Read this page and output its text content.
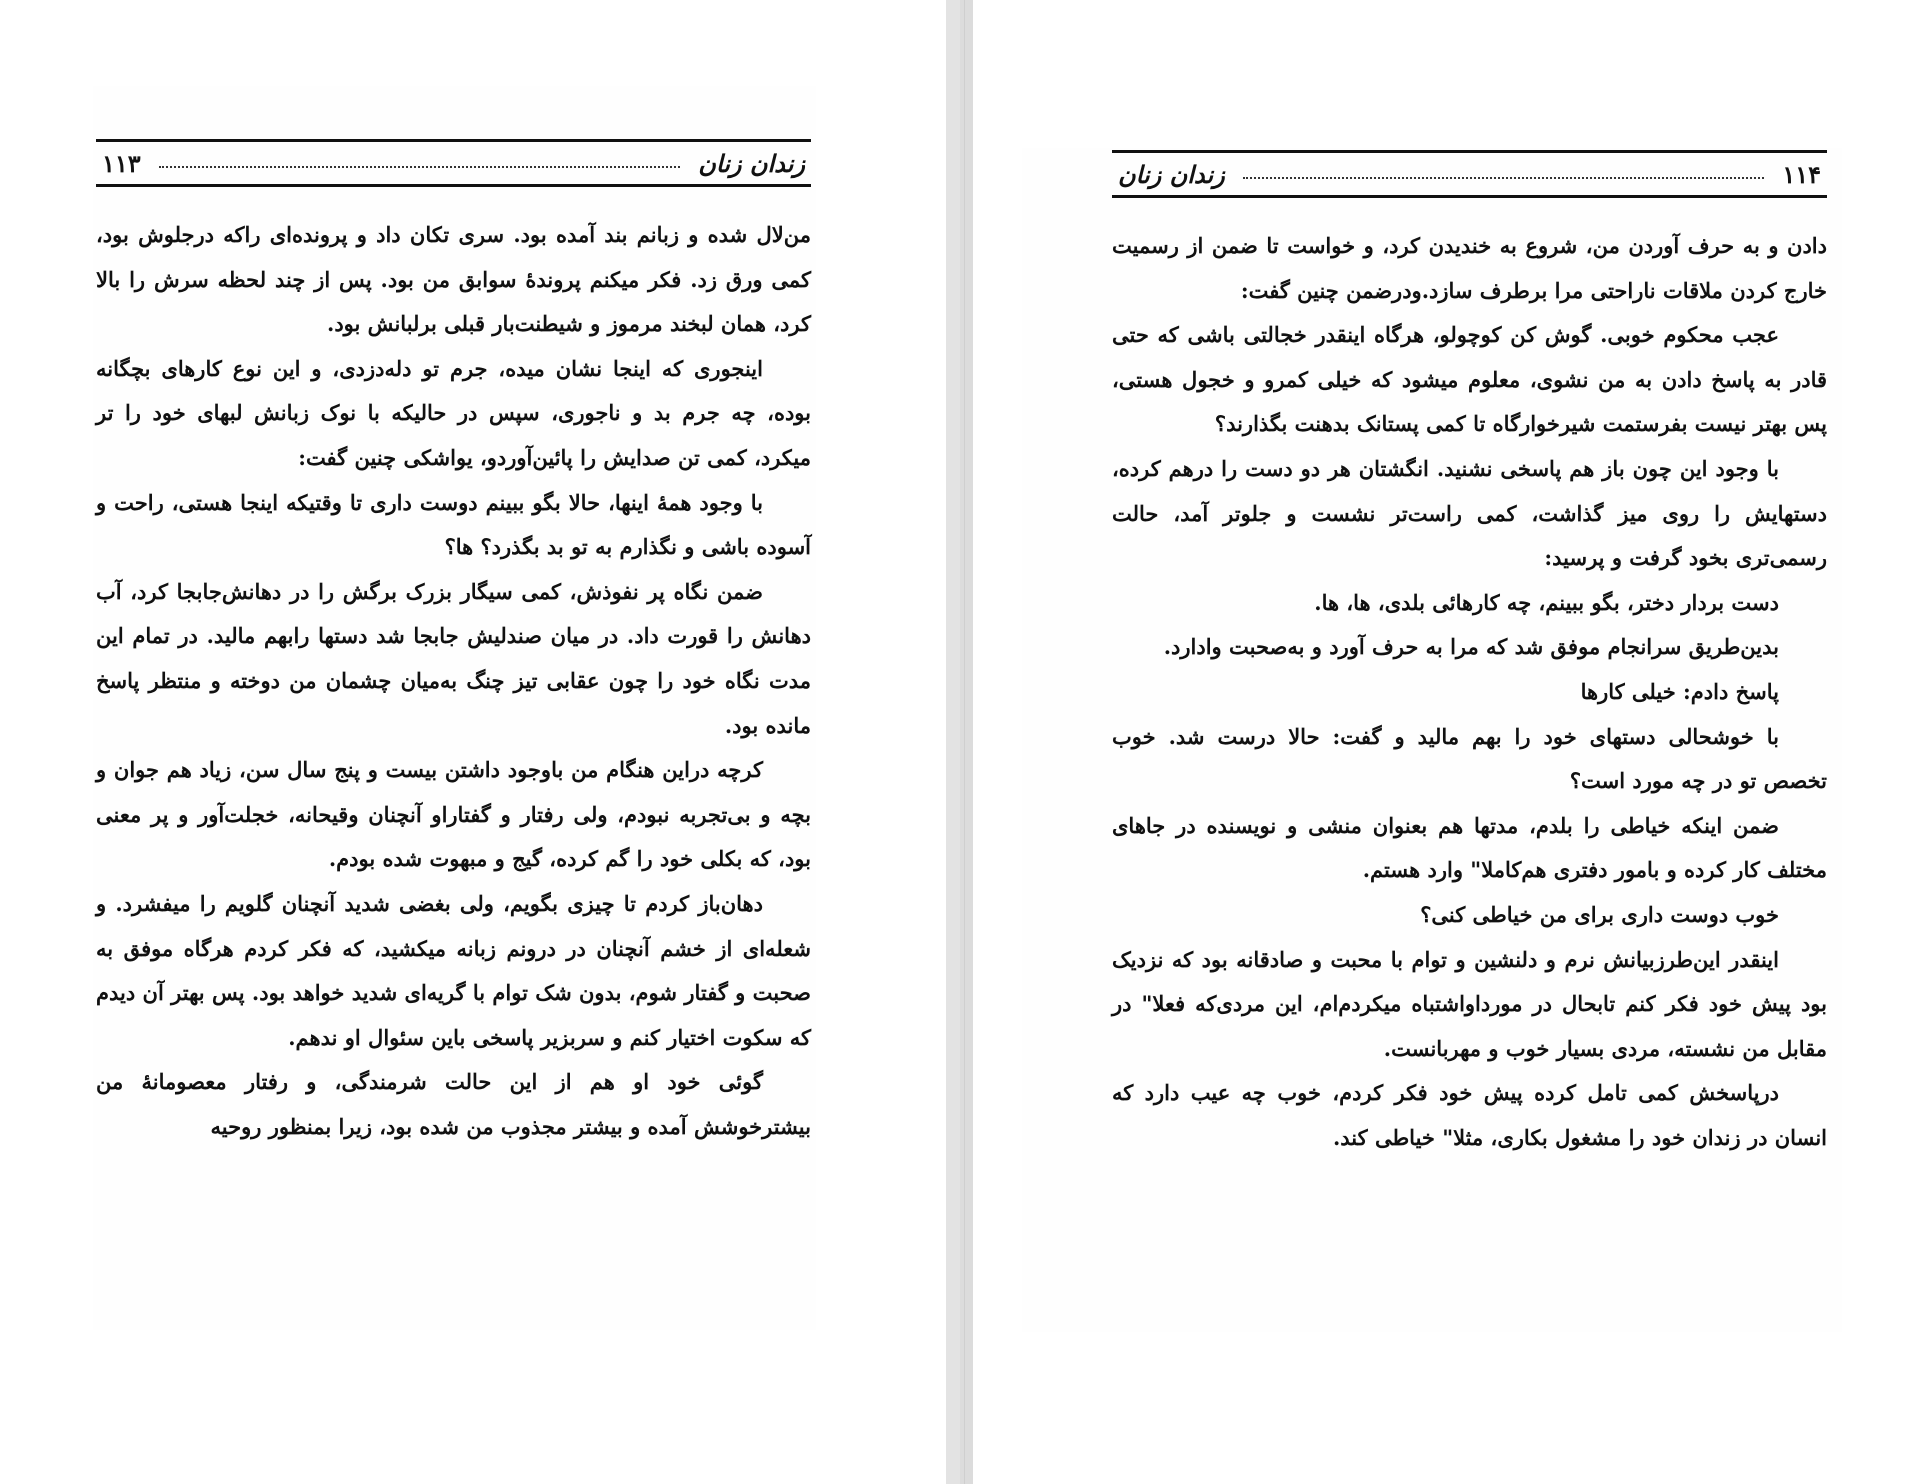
زندان زنان
۱۱۳

من‌لال شده و زبانم بند آمده بود. سری تکان داد و پرونده‌ای راکه درجلوش بود، کمی ورق زد. فکر میکنم پرونده‌ٔ سوابق من بود. پس از چند لحظه سرش را بالا کرد، همان لبخند مرموز و شیطنت‌بار قبلی برلبانش بود.

اینجوری که اینجا نشان میده، جرم تو دله‌دزدی، و این نوع کارهای بچگانه بوده، چه جرم بد و ناجوری، سپس در حالیکه با نوک زبانش لبهای خود را تر میکرد، کمی تن صدایش را پائین‌آوردو، یواشکی چنین گفت:

با وجود همهٔ اینها، حالا بگو ببینم دوست داری تا وقتیکه اینجا هستی، راحت و آسوده باشی و نگذارم به تو بد بگذرد؟ ها؟

ضمن نگاه پر نفوذش، کمی سیگار بزرک برگش را در دهانش‌جابجا کرد، آب دهانش را قورت داد. در میان صندلیش جابجا شد دستها را‌بهم مالید. در تمام این مدت نگاه خود را چون عقابی تیز چنگ به‌میان چشمان من دوخته و منتظر پاسخ مانده بود.

کرچه دراین هنگام من با‌وجود داشتن بیست و پنج سال سن، زیاد هم جوان و بچه و بی‌تجربه نبودم، ولی رفتار و گفتاراو آنچنان وقیحانه، خجلت‌آور و پر معنی بود، که بکلی خود را گم کرده، گیج و مبهوت شده بودم.

دهان‌باز کردم تا چیزی بگویم، ولی بغضی شدید آنچنان گلویم را میفشرد. و شعله‌ای از خشم آنچنان در درونم زبانه میکشید، که فکر کردم هرگاه موفق به صحبت و گفتار شوم، بدون شک توام با گریه‌ای شدید خواهد بود. پس بهتر آن دیدم که سکوت اختیار کنم و سربزیر پاسخی باین سئوال او ندهم.

گوئی خود او هم از این حالت شرمندگی، و رفتار معصومانهٔ من بیشترخوشش آمده و بیشتر مجذوب من شده بود، زیرا بمنظور روحیه

۱۱۴
زندان زنان

دادن و به حرف آوردن من، شروع به خندیدن کرد، و خواست تا ضمن از رسمیت خارج کردن ملاقات ناراحتی مرا برطرف سازد.ودرضمن چنین گفت:

عجب محکوم خوبی. گوش کن کوچولو، هرگاه اینقدر خجالتی باشی که حتی قادر به پاسخ دادن به من نشوی، معلوم میشود که خیلی کمرو و خجول هستی، پس بهتر نیست بفرستمت شیرخوارگاه تا کمی پستانک بدهنت بگذارند؟

با وجود این چون باز هم پاسخی نشنید. انگشتان هر دو دست را درهم کرده، دستهایش را روی میز گذاشت، کمی راست‌تر نشست و جلوتر آمد، حالت رسمی‌تری بخود گرفت و پرسید:

دست بردار دختر، بگو ببینم، چه کارهائی بلدی، ها، ها.

بدین‌طریق سرانجام موفق شد که مرا به حرف آورد و به‌صحبت وادارد.

پاسخ دادم: خیلی کارها

با خوشحالی دستهای خود را بهم مالید و گفت: حالا درست شد. خوب تخصص تو در چه مورد است؟

ضمن اینکه خیاطی را بلدم، مدتها هم بعنوان منشی و نویسنده در جاهای مختلف کار کرده و بامور دفتری هم‌کاملا" وارد هستم.

خوب دوست داری برای من خیاطی کنی؟

اینقدر این‌طرز‌بیانش نرم و دلنشین و توام با محبت و صادقانه بود که نزدیک بود پیش خود فکر کنم تابحال در مورد‌او‌اشتباه میکردم‌ام، این مردی‌که فعلا" در مقابل من نشسته، مردی بسیار خوب و مهربانست.

درپاسخش کمی تامل کرده پیش خود فکر کردم، خوب چه عیب دارد که انسان در زندان خود را مشغول بکاری، مثلا" خیاطی کند.
